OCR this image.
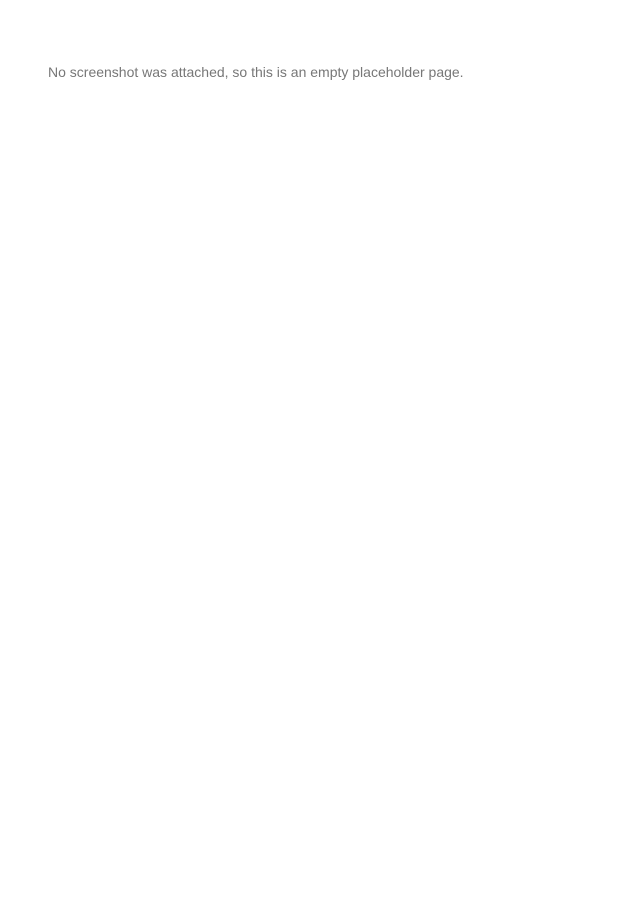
No screenshot was attached, so this is an empty placeholder page.
